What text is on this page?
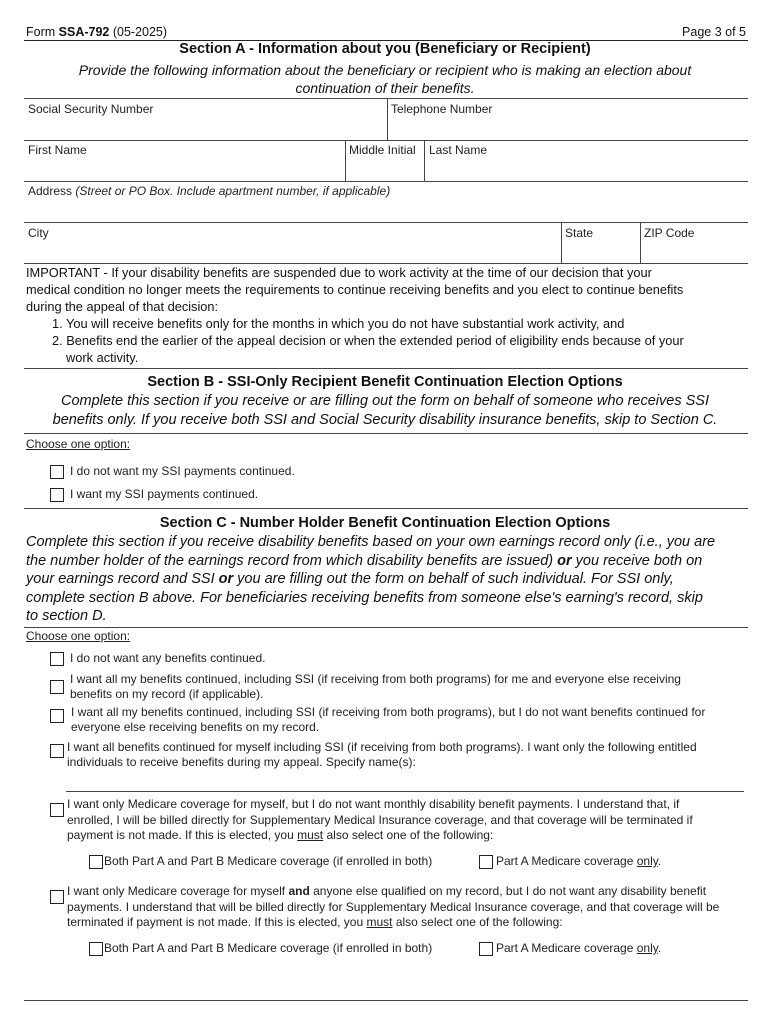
Form SSA-792 (05-2025)	Page 3 of 5
Section A - Information about you (Beneficiary or Recipient)
Provide the following information about the beneficiary or recipient who is making an election about
continuation of their benefits.
Social Security Number	Telephone Number
First Name	Middle Initial Last Name
Address (Street or PO Box. Include apartment number, if applicable)
City	State	ZIP Code
IMPORTANT - If your disability benefits are suspended due to work activity at the time of our decision that your
medical condition no longer meets the requirements to continue receiving benefits and you elect to continue benefits
during the appeal of that decision:
1. You will receive benefits only for the months in which you do not have substantial work activity, and
2. Benefits end the earlier of the appeal decision or when the extended period of eligibility ends because of your
work activity.
Section B - SSI-Only Recipient Benefit Continuation Election Options
Complete this section if you receive or are filling out the form on behalf of someone who receives SSI
benefits only. If you receive both SSI and Social Security disability insurance benefits, skip to Section C.
Choose one option:
I do not want my SSI payments continued.
I want my SSI payments continued.
Section C - Number Holder Benefit Continuation Election Options
Complete this section if you receive disability benefits based on your own earnings record only (i.e., you are
the number holder of the earnings record from which disability benefits are issued) or you receive both on
your earnings record and SSI or you are filling out the form on behalf of such individual. For SSI only,
complete section B above. For beneficiaries receiving benefits from someone else's earning's record, skip
to section D.
Choose one option:
I do not want any benefits continued.
I want all my benefits continued, including SSI (if receiving from both programs) for me and everyone else receiving
benefits on my record (if applicable).
I want all my benefits continued, including SSI (if receiving from both programs), but I do not want benefits continued for
everyone else receiving benefits on my record.
I want all benefits continued for myself including SSI (if receiving from both programs). I want only the following entitled
individuals to receive benefits during my appeal. Specify name(s):
I want only Medicare coverage for myself, but I do not want monthly disability benefit payments. I understand that, if
enrolled, I will be billed directly for Supplementary Medical Insurance coverage, and that coverage will be terminated if
payment is not made. If this is elected, you must also select one of the following:
Both Part A and Part B Medicare coverage (if enrolled in both)	Part A Medicare coverage only.
I want only Medicare coverage for myself and anyone else qualified on my record, but I do not want any disability benefit
payments. I understand that will be billed directly for Supplementary Medical Insurance coverage, and that coverage will be
terminated if payment is not made. If this is elected, you must also select one of the following:
Both Part A and Part B Medicare coverage (if enrolled in both)	Part A Medicare coverage only.
